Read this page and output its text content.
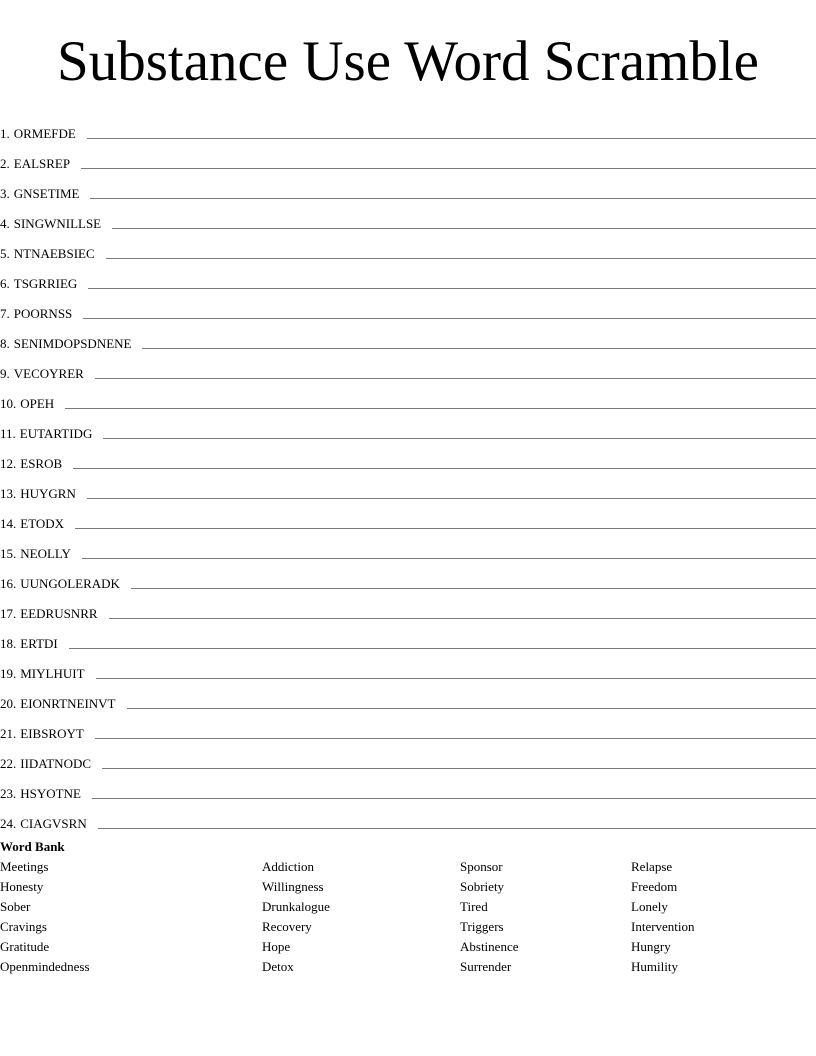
Substance Use Word Scramble
1. ORMEFDE
2. EALSREP
3. GNSETIME
4. SINGWNILLSE
5. NTNAEBSIEC
6. TSGRRIEG
7. POORNSS
8. SENIMDOPSDNENE
9. VECOYRER
10. OPEH
11. EUTARTIDG
12. ESROB
13. HUYGRN
14. ETODX
15. NEOLLY
16. UUNGOLERADK
17. EEDRUSNRR
18. ERTDI
19. MIYLHUIT
20. EIONRTNEINVT
21. EIBSROYT
22. IIDATNODC
23. HSYOTNE
24. CIAGVSRN
Word Bank
Meetings
Honesty
Sober
Cravings
Gratitude
Openmindedness
Addiction
Willingness
Drunkalogue
Recovery
Hope
Detox
Sponsor
Sobriety
Tired
Triggers
Abstinence
Surrender
Relapse
Freedom
Lonely
Intervention
Hungry
Humility
